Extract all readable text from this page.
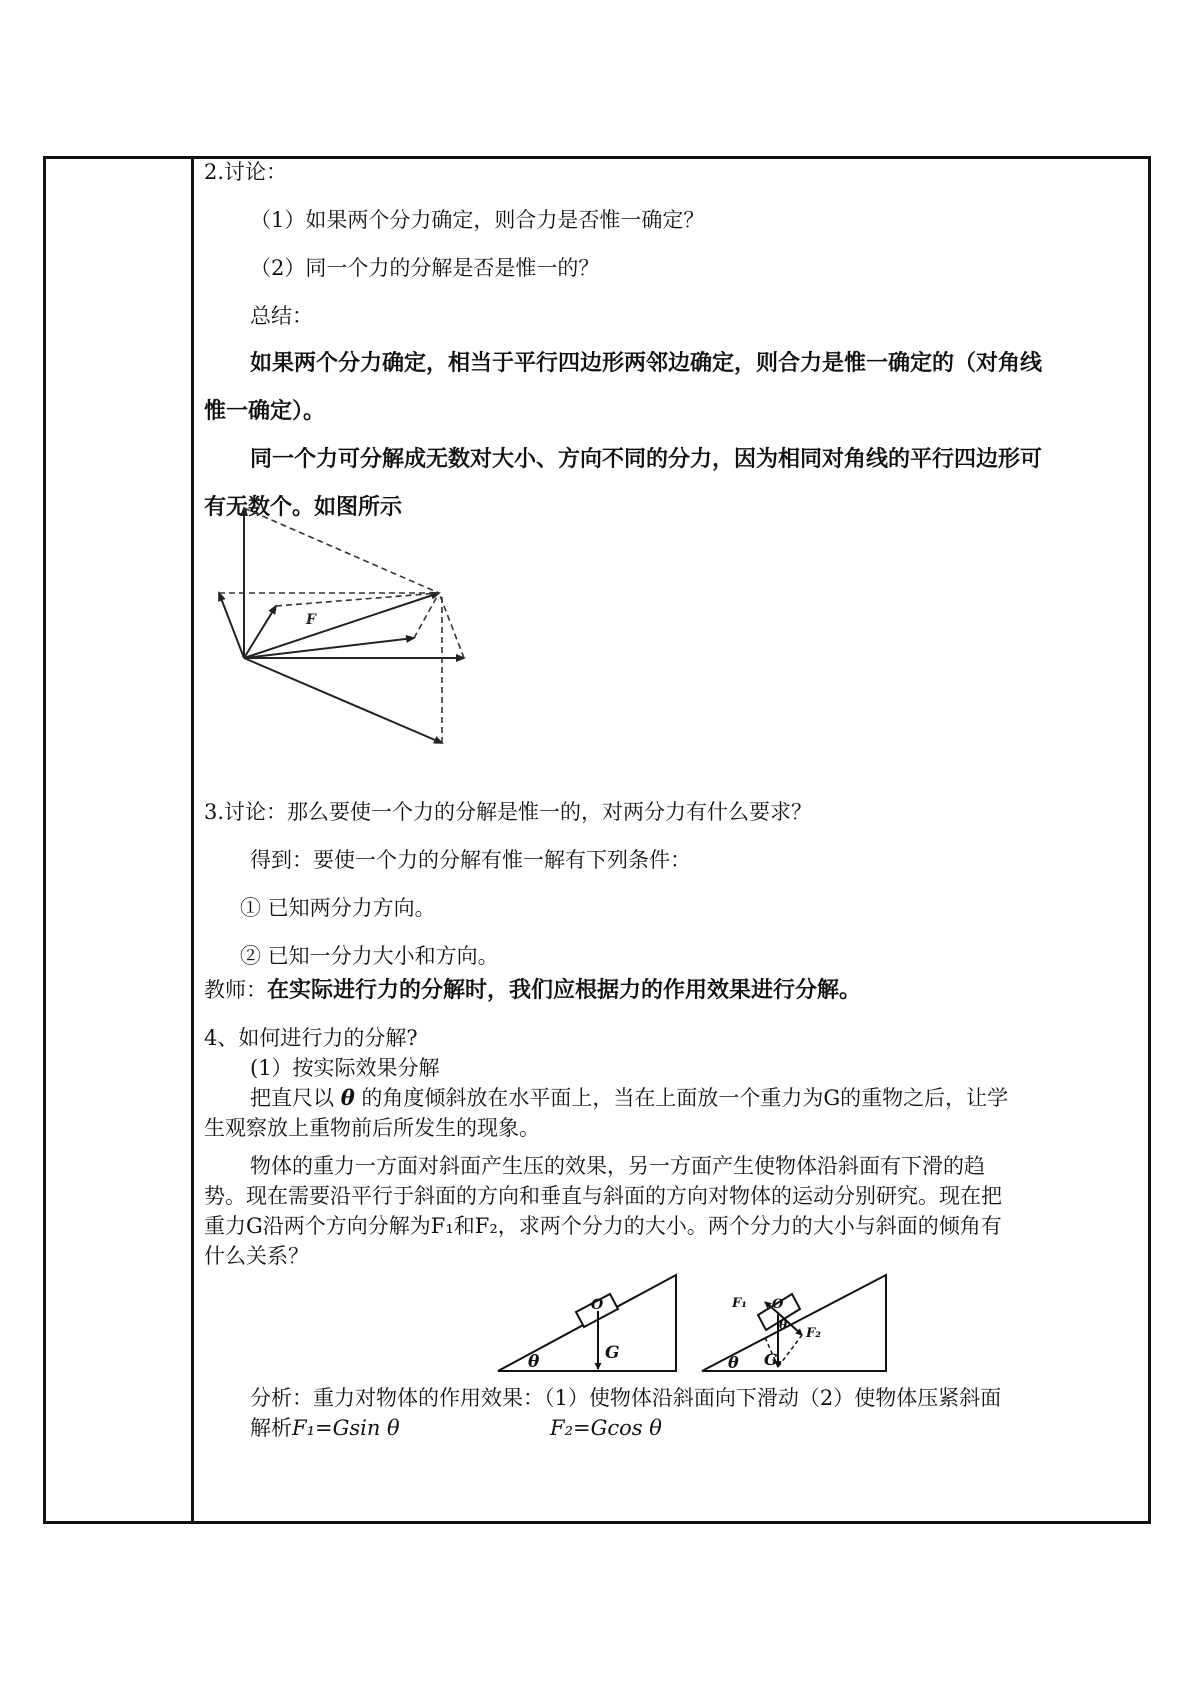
2.讨论：
（1）如果两个分力确定，则合力是否惟一确定？
（2）同一个力的分解是否是惟一的？
总结：
如果两个分力确定，相当于平行四边形两邻边确定，则合力是惟一确定的（对角线
惟一确定）。
同一个力可分解成无数对大小、方向不同的分力，因为相同对角线的平行四边形可
有无数个。如图所示
F
3.讨论：那么要使一个力的分解是惟一的，对两分力有什么要求？
得到：要使一个力的分解有惟一解有下列条件：
① 已知两分力方向。
② 已知一分力大小和方向。
教师：在实际进行力的分解时，我们应根据力的作用效果进行分解。
4、如何进行力的分解?
(1）按实际效果分解
把直尺以 θ 的角度倾斜放在水平面上，当在上面放一个重力为G的重物之后，让学
生观察放上重物前后所发生的现象。
物体的重力一方面对斜面产生压的效果，另一方面产生使物体沿斜面有下滑的趋
势。现在需要沿平行于斜面的方向和垂直与斜面的方向对物体的运动分别研究。现在把
重力G沿两个方向分解为F₁和F₂，求两个分力的大小。两个分力的大小与斜面的倾角有
什么关系？
O
G
θ
O
G
θ
θ
F₁
F₂
分析：重力对物体的作用效果：（1）使物体沿斜面向下滑动（2）使物体压紧斜面
解析F₁=Gsin θ	F₂=Gcos θ
